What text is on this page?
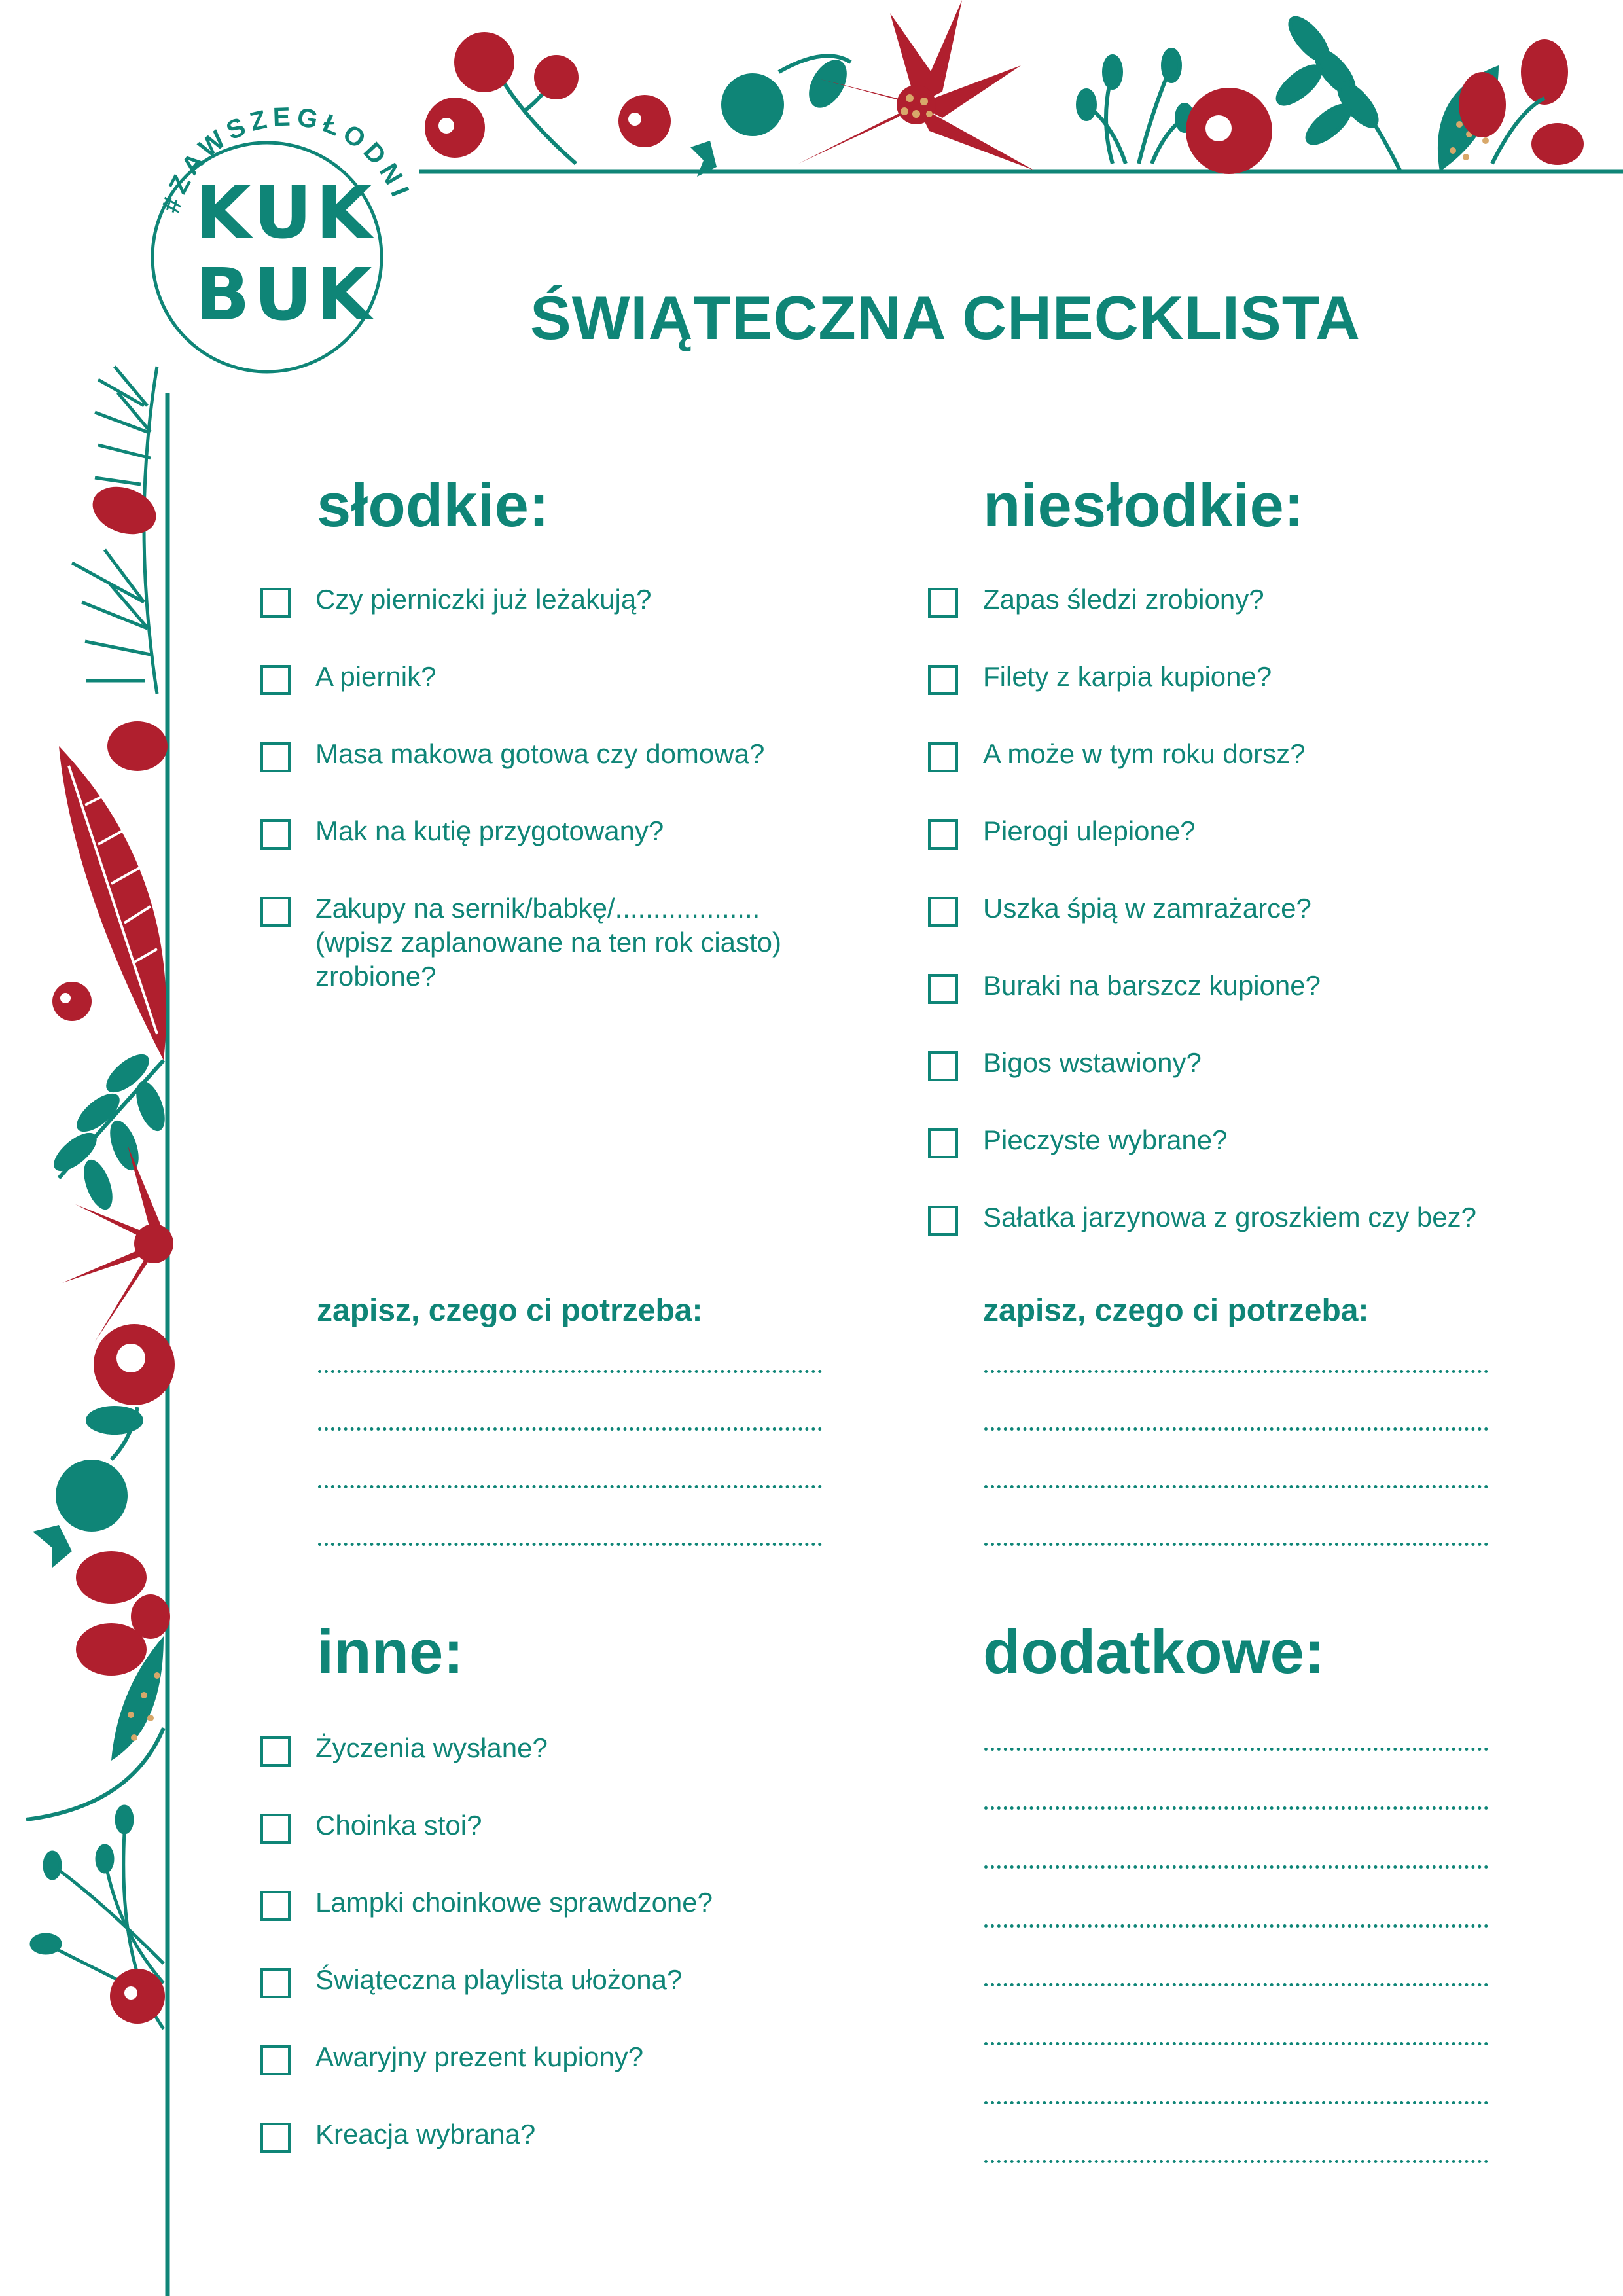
#ZAWSZEGŁODNI
KUK
BUK	ŚWIĄTECZNA CHECKLISTA
słodkie:
Czy pierniczki już leżakują?
A piernik?
Masa makowa gotowa czy domowa?
Mak na kutię przygotowany?
Zakupy na sernik/babkę/...................
(wpisz zaplanowane na ten rok ciasto)
zrobione?
niesłodkie:
Zapas śledzi zrobiony?
Filety z karpia kupione?
A może w tym roku dorsz?
Pierogi ulepione?
Uszka śpią w zamrażarce?
Buraki na barszcz kupione?
Bigos wstawiony?
Pieczyste wybrane?
Sałatka jarzynowa z groszkiem czy bez?
zapisz, czego ci potrzeba:	zapisz, czego ci potrzeba:
inne:
Życzenia wysłane?
Choinka stoi?
Lampki choinkowe sprawdzone?
Świąteczna playlista ułożona?
Awaryjny prezent kupiony?
Kreacja wybrana?
dodatkowe:
